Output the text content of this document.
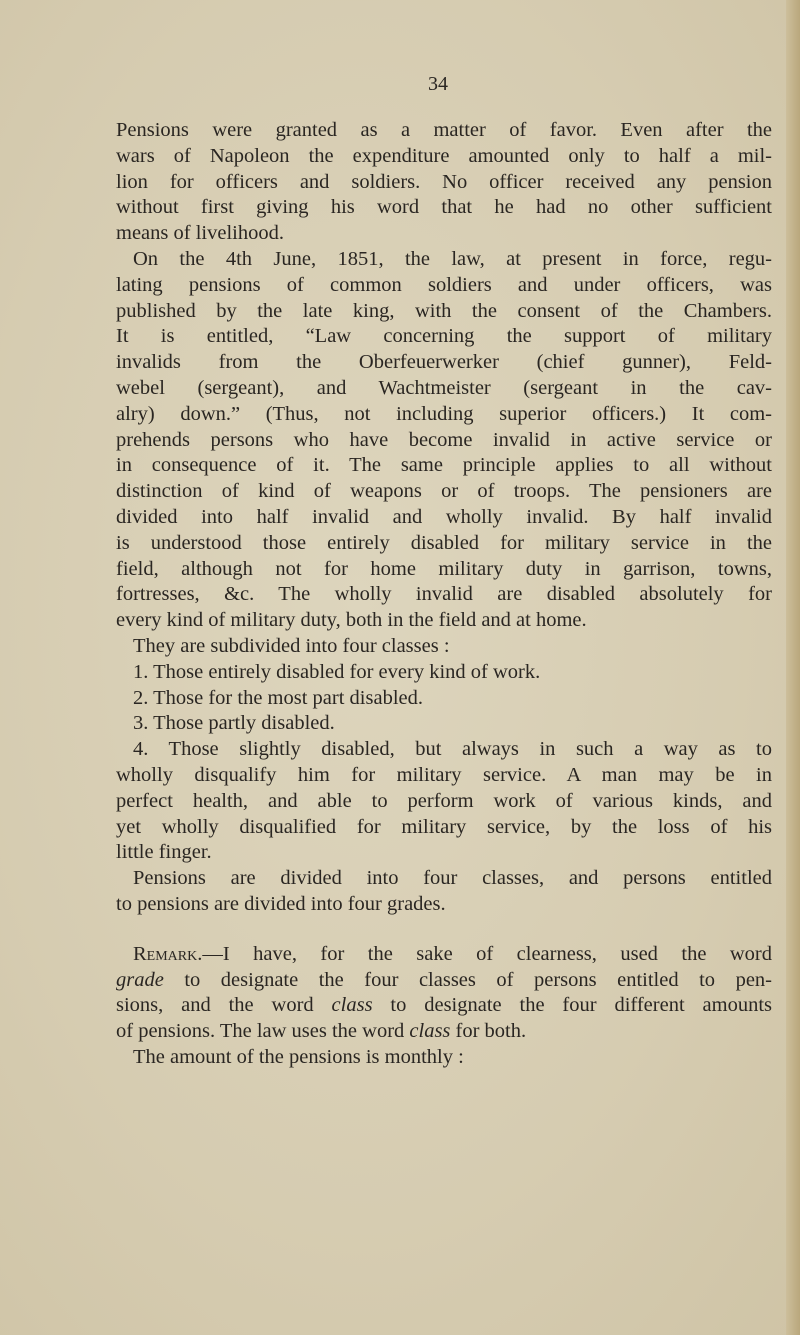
34
Pensions were granted as a matter of favor. Even after the
wars of Napoleon the expenditure amounted only to half a mil-
lion for officers and soldiers. No officer received any pension
without first giving his word that he had no other sufficient
means of livelihood.
On the 4th June, 1851, the law, at present in force, regu-
lating pensions of common soldiers and under officers, was
published by the late king, with the consent of the Chambers.
It is entitled, “Law concerning the support of military
invalids from the Oberfeuerwerker (chief gunner), Feld-
webel (sergeant), and Wachtmeister (sergeant in the cav-
alry) down.” (Thus, not including superior officers.) It com-
prehends persons who have become invalid in active service or
in consequence of it. The same principle applies to all without
distinction of kind of weapons or of troops. The pensioners are
divided into half invalid and wholly invalid. By half invalid
is understood those entirely disabled for military service in the
field, although not for home military duty in garrison, towns,
fortresses, &c. The wholly invalid are disabled absolutely for
every kind of military duty, both in the field and at home.
They are subdivided into four classes :
1. Those entirely disabled for every kind of work.
2. Those for the most part disabled.
3. Those partly disabled.
4. Those slightly disabled, but always in such a way as to
wholly disqualify him for military service. A man may be in
perfect health, and able to perform work of various kinds, and
yet wholly disqualified for military service, by the loss of his
little finger.
Pensions are divided into four classes, and persons entitled
to pensions are divided into four grades.
Remark.—I have, for the sake of clearness, used the word
grade to designate the four classes of persons entitled to pen-
sions, and the word class to designate the four different amounts
of pensions. The law uses the word class for both.
The amount of the pensions is monthly :
